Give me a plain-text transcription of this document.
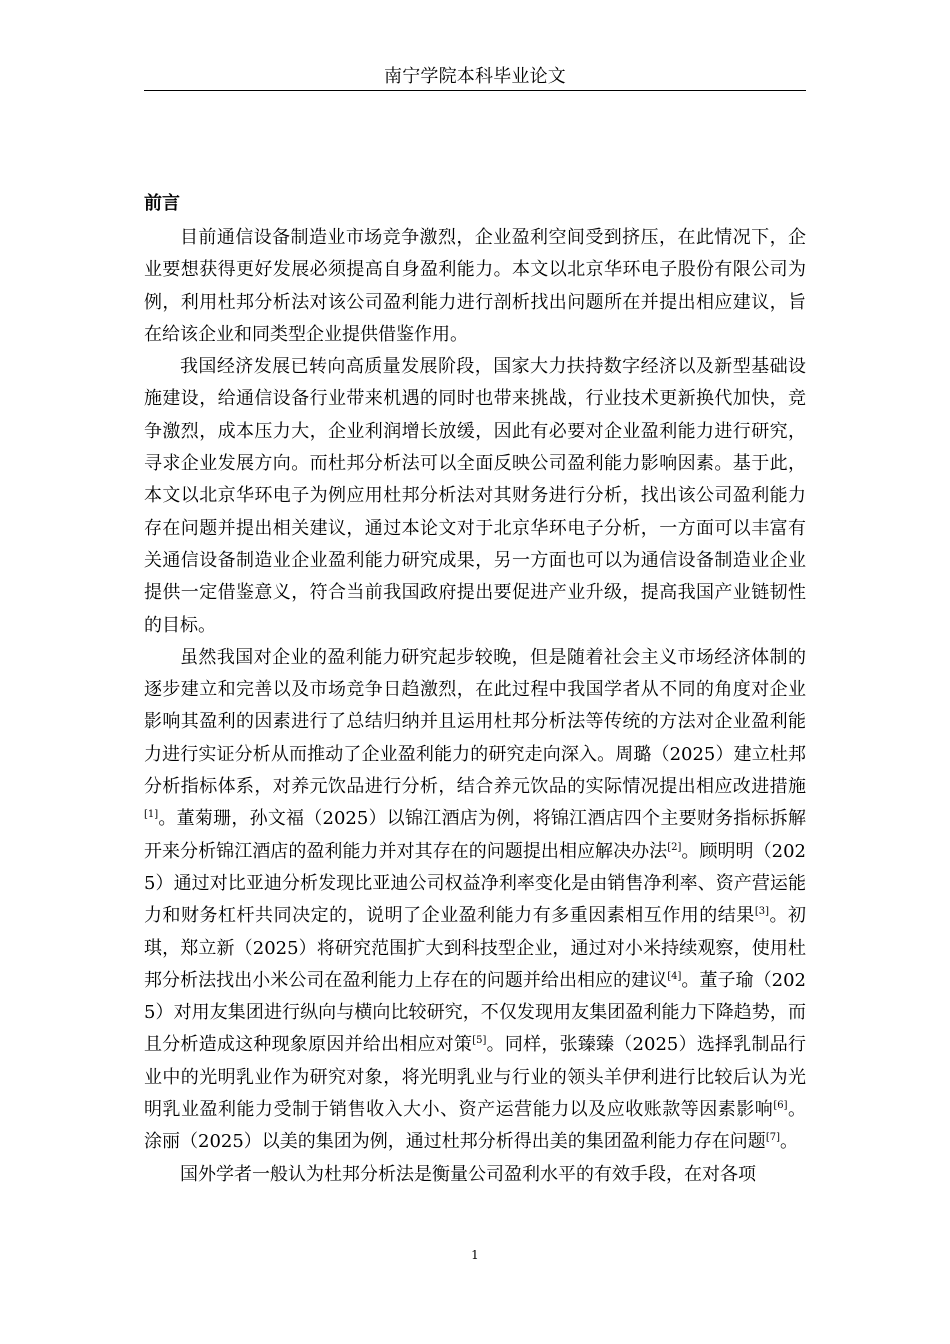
南宁学院本科毕业论文
前言

目前通信设备制造业市场竞争激烈，企业盈利空间受到挤压，在此情况下，企业要想获得更好发展必须提高自身盈利能力。本文以北京华环电子股份有限公司为例，利用杜邦分析法对该公司盈利能力进行剖析找出问题所在并提出相应建议，旨在给该企业和同类型企业提供借鉴作用。

我国经济发展已转向高质量发展阶段，国家大力扶持数字经济以及新型基础设施建设，给通信设备行业带来机遇的同时也带来挑战，行业技术更新换代加快，竞争激烈，成本压力大，企业利润增长放缓，因此有必要对企业盈利能力进行研究，寻求企业发展方向。而杜邦分析法可以全面反映公司盈利能力影响因素。基于此，本文以北京华环电子为例应用杜邦分析法对其财务进行分析，找出该公司盈利能力存在问题并提出相关建议，通过本论文对于北京华环电子分析，一方面可以丰富有关通信设备制造业企业盈利能力研究成果，另一方面也可以为通信设备制造业企业提供一定借鉴意义，符合当前我国政府提出要促进产业升级，提高我国产业链韧性的目标。

虽然我国对企业的盈利能力研究起步较晚，但是随着社会主义市场经济体制的逐步建立和完善以及市场竞争日趋激烈，在此过程中我国学者从不同的角度对企业影响其盈利的因素进行了总结归纳并且运用杜邦分析法等传统的方法对企业盈利能力进行实证分析从而推动了企业盈利能力的研究走向深入。周璐（2025）建立杜邦分析指标体系，对养元饮品进行分析，结合养元饮品的实际情况提出相应改进措施[1]。董菊珊，孙文福（2025）以锦江酒店为例，将锦江酒店四个主要财务指标拆解开来分析锦江酒店的盈利能力并对其存在的问题提出相应解决办法[2]。顾明明（2025）通过对比亚迪分析发现比亚迪公司权益净利率变化是由销售净利率、资产营运能力和财务杠杆共同决定的，说明了企业盈利能力有多重因素相互作用的结果[3]。初琪，郑立新（2025）将研究范围扩大到科技型企业，通过对小米持续观察，使用杜邦分析法找出小米公司在盈利能力上存在的问题并给出相应的建议[4]。董子瑜（2025）对用友集团进行纵向与横向比较研究，不仅发现用友集团盈利能力下降趋势，而且分析造成这种现象原因并给出相应对策[5]。同样，张臻臻（2025）选择乳制品行业中的光明乳业作为研究对象，将光明乳业与行业的领头羊伊利进行比较后认为光明乳业盈利能力受制于销售收入大小、资产运营能力以及应收账款等因素影响[6]。涂丽（2025）以美的集团为例，通过杜邦分析得出美的集团盈利能力存在问题[7]。

国外学者一般认为杜邦分析法是衡量公司盈利水平的有效手段，在对各项

1
